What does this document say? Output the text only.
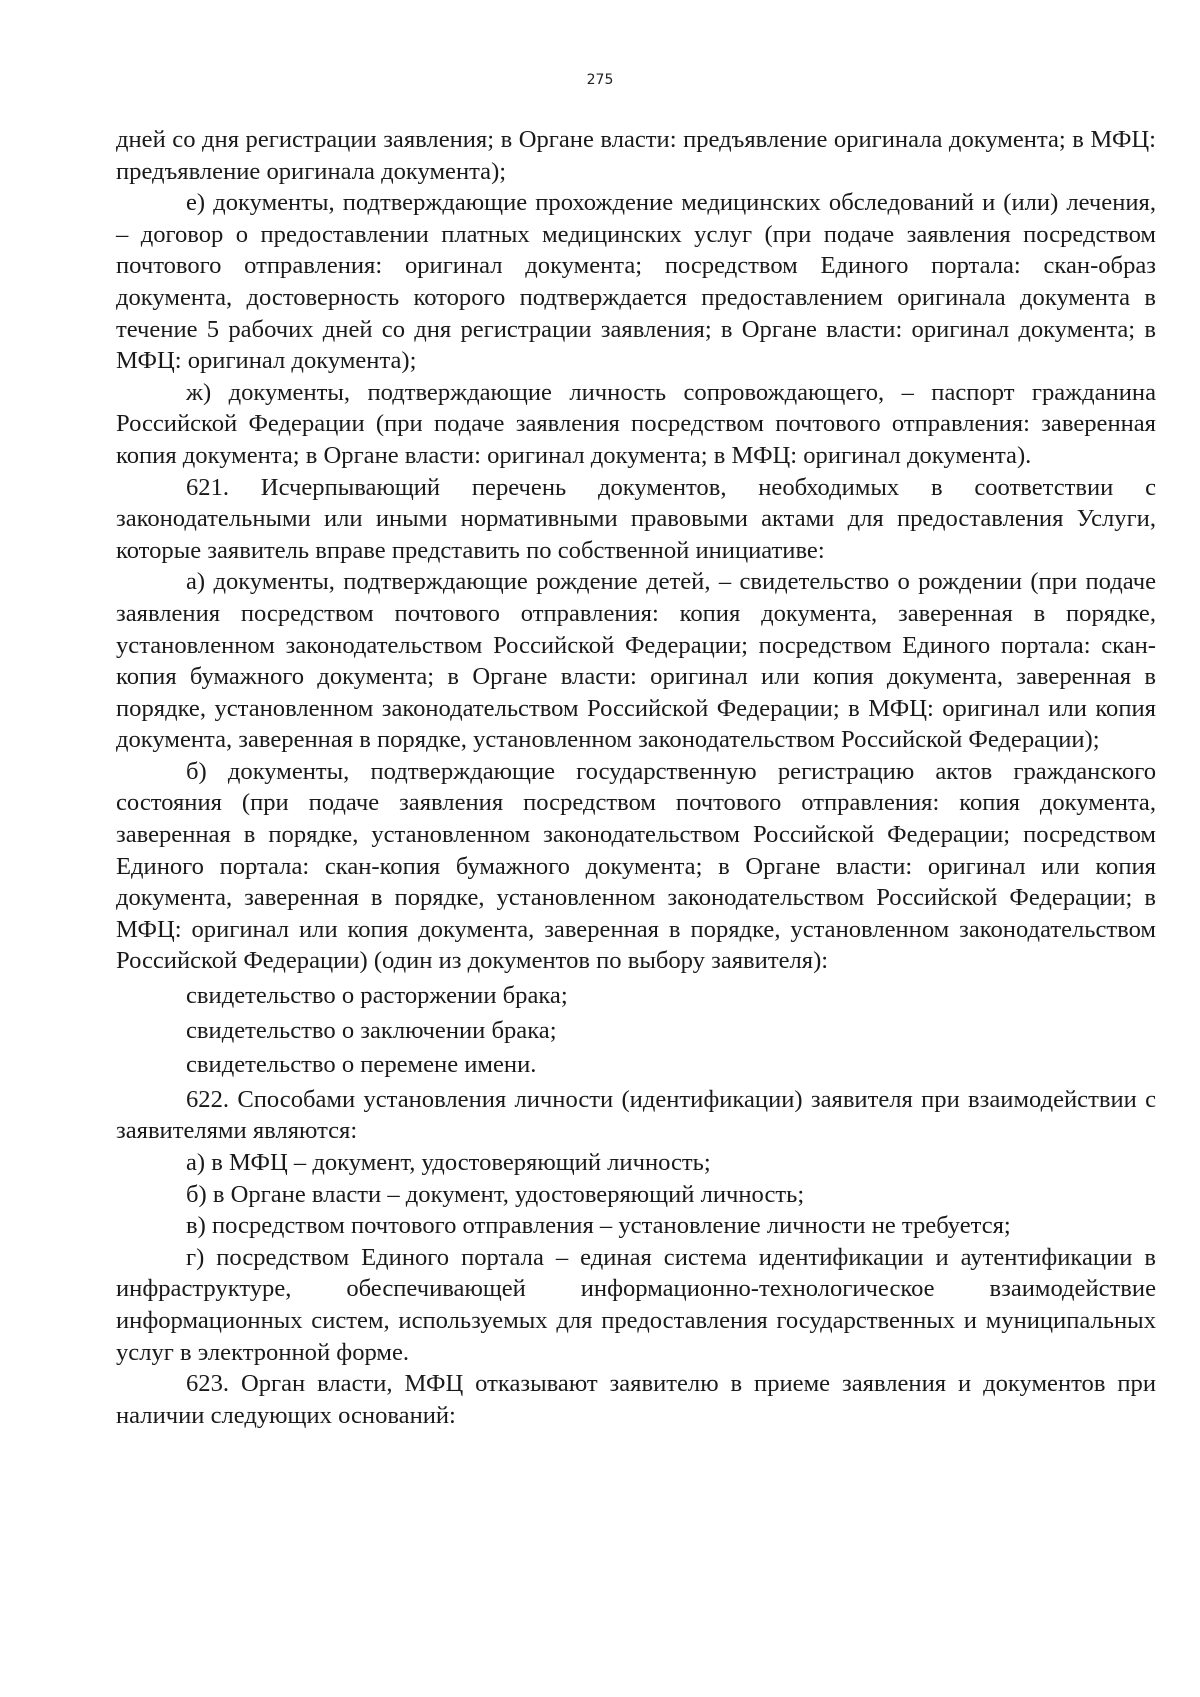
275

дней со дня регистрации заявления; в Органе власти: предъявление оригинала документа; в МФЦ: предъявление оригинала документа);

е) документы, подтверждающие прохождение медицинских обследований и (или) лечения, – договор о предоставлении платных медицинских услуг (при подаче заявления посредством почтового отправления: оригинал документа; посредством Единого портала: скан-образ документа, достоверность которого подтверждается предоставлением оригинала документа в течение 5 рабочих дней со дня регистрации заявления; в Органе власти: оригинал документа; в МФЦ: оригинал документа);

ж) документы, подтверждающие личность сопровождающего, – паспорт гражданина Российской Федерации (при подаче заявления посредством почтового отправления: заверенная копия документа; в Органе власти: оригинал документа; в МФЦ: оригинал документа).

621. Исчерпывающий перечень документов, необходимых в соответствии с законодательными или иными нормативными правовыми актами для предоставления Услуги, которые заявитель вправе представить по собственной инициативе:

а) документы, подтверждающие рождение детей, – свидетельство о рождении (при подаче заявления посредством почтового отправления: копия документа, заверенная в порядке, установленном законодательством Российской Федерации; посредством Единого портала: скан-копия бумажного документа; в Органе власти: оригинал или копия документа, заверенная в порядке, установленном законодательством Российской Федерации; в МФЦ: оригинал или копия документа, заверенная в порядке, установленном законодательством Российской Федерации);

б) документы, подтверждающие государственную регистрацию актов гражданского состояния (при подаче заявления посредством почтового отправления: копия документа, заверенная в порядке, установленном законодательством Российской Федерации; посредством Единого портала: скан-копия бумажного документа; в Органе власти: оригинал или копия документа, заверенная в порядке, установленном законодательством Российской Федерации; в МФЦ: оригинал или копия документа, заверенная в порядке, установленном законодательством Российской Федерации) (один из документов по выбору заявителя):

свидетельство о расторжении брака;

свидетельство о заключении брака;

свидетельство о перемене имени.

622. Способами установления личности (идентификации) заявителя при взаимодействии с заявителями являются:

а) в МФЦ – документ, удостоверяющий личность;

б) в Органе власти – документ, удостоверяющий личность;

в) посредством почтового отправления – установление личности не требуется;

г) посредством Единого портала – единая система идентификации и аутентификации в инфраструктуре, обеспечивающей информационно-технологическое взаимодействие информационных систем, используемых для предоставления государственных и муниципальных услуг в электронной форме.

623. Орган власти, МФЦ отказывают заявителю в приеме заявления и документов при наличии следующих оснований:
